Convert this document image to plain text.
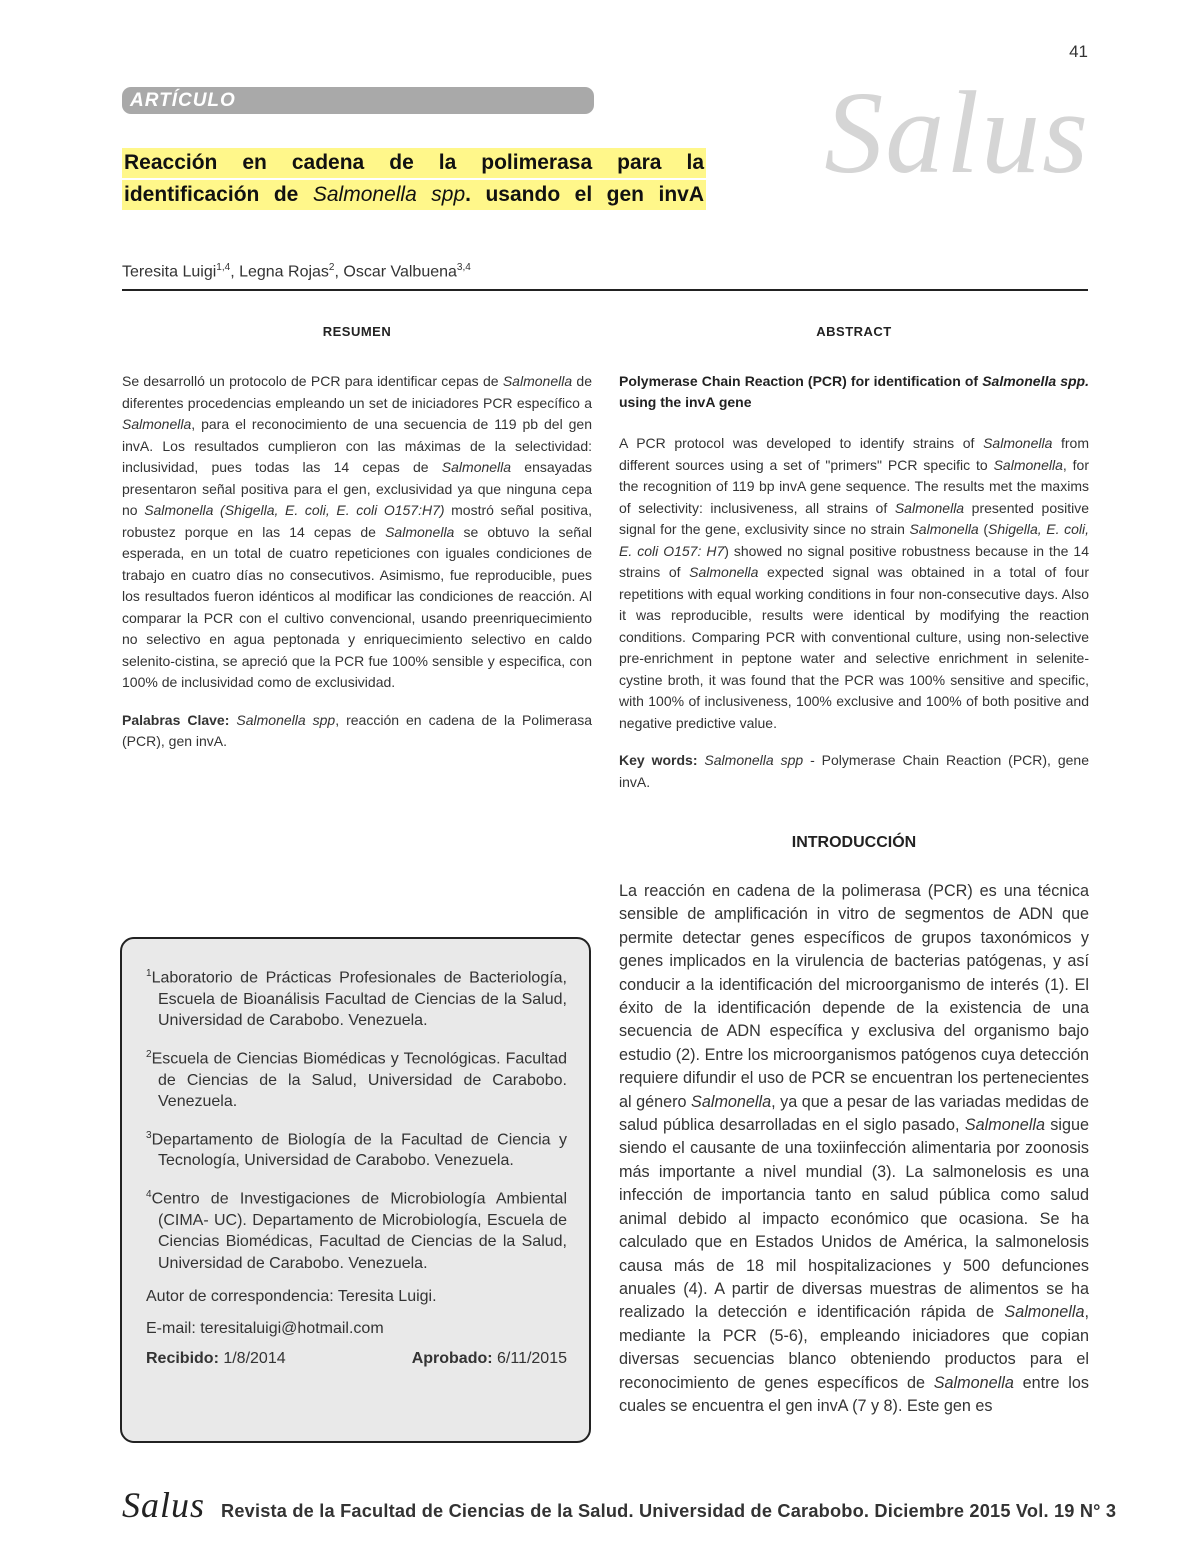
41
ARTÍCULO	Salus
Reacción en cadena de la polimerasa para la
identificación de Salmonella spp. usando el gen invA
Teresita Luigi$^{1,4}$, Legna Rojas$^2$, Oscar Valbuena$^{3,4}$
RESUMEN
Se desarrolló un protocolo de PCR para identificar cepas de Salmonella de diferentes procedencias empleando un set de iniciadores PCR específico a Salmonella, para el reconocimiento de una secuencia de 119 pb del gen invA. Los resultados cumplieron con las máximas de la selectividad: inclusividad, pues todas las 14 cepas de Salmonella ensayadas presentaron señal positiva para el gen, exclusividad ya que ninguna cepa no Salmonella (Shigella, E. coli, E. coli O157:H7) mostró señal positiva, robustez porque en las 14 cepas de Salmonella se obtuvo la señal esperada, en un total de cuatro repeticiones con iguales condiciones de trabajo en cuatro días no consecutivos. Asimismo, fue reproducible, pues los resultados fueron idénticos al modificar las condiciones de reacción. Al comparar la PCR con el cultivo convencional, usando preenriquecimiento no selectivo en agua peptonada y enriquecimiento selectivo en caldo selenito-cistina, se apreció que la PCR fue 100% sensible y especifica, con 100% de inclusividad como de exclusividad.
Palabras Clave: Salmonella spp, reacción en cadena de la Polimerasa (PCR), gen invA.
ABSTRACT
Polymerase Chain Reaction (PCR) for identification of Salmonella spp. using the invA gene
A PCR protocol was developed to identify strains of Salmonella from different sources using a set of "primers" PCR specific to Salmonella, for the recognition of 119 bp invA gene sequence. The results met the maxims of selectivity: inclusiveness, all strains of Salmonella presented positive signal for the gene, exclusivity since no strain Salmonella (Shigella, E. coli, E. coli O157: H7) showed no signal positive robustness because in the 14 strains of Salmonella expected signal was obtained in a total of four repetitions with equal working conditions in four non-consecutive days. Also it was reproducible, results were identical by modifying the reaction conditions. Comparing PCR with conventional culture, using non-selective pre-enrichment in peptone water and selective enrichment in selenite-cystine broth, it was found that the PCR was 100% sensitive and specific, with 100% of inclusiveness, 100% exclusive and 100% of both positive and negative predictive value.
Key words: Salmonella spp - Polymerase Chain Reaction (PCR), gene invA.
INTRODUCCIÓN
La reacción en cadena de la polimerasa (PCR) es una técnica sensible de amplificación in vitro de segmentos de ADN que permite detectar genes específicos de grupos taxonómicos y genes implicados en la virulencia de bacterias patógenas, y así conducir a la identificación del microorganismo de interés (1). El éxito de la identificación depende de la existencia de una secuencia de ADN específica y exclusiva del organismo bajo estudio (2). Entre los microorganismos patógenos cuya detección requiere difundir el uso de PCR se encuentran los pertenecientes al género Salmonella, ya que a pesar de las variadas medidas de salud pública desarrolladas en el siglo pasado, Salmonella sigue siendo el causante de una toxiinfección alimentaria por zoonosis más importante a nivel mundial (3). La salmonelosis es una infección de importancia tanto en salud pública como salud animal debido al impacto económico que ocasiona. Se ha calculado que en Estados Unidos de América, la salmonelosis causa más de 18 mil hospitalizaciones y 500 defunciones anuales (4). A partir de diversas muestras de alimentos se ha realizado la detección e identificación rápida de Salmonella, mediante la PCR (5-6), empleando iniciadores que copian diversas secuencias blanco obteniendo productos para el reconocimiento de genes específicos de Salmonella entre los cuales se encuentra el gen invA (7 y 8). Este gen es
$^1$Laboratorio de Prácticas Profesionales de Bacteriología, Escuela de Bioanálisis Facultad de Ciencias de la Salud, Universidad de Carabobo. Venezuela.
$^2$Escuela de Ciencias Biomédicas y Tecnológicas. Facultad de Ciencias de la Salud, Universidad de Carabobo. Venezuela.
$^3$Departamento de Biología de la Facultad de Ciencia y Tecnología, Universidad de Carabobo. Venezuela.
$^4$Centro de Investigaciones de Microbiología Ambiental (CIMA- UC). Departamento de Microbiología, Escuela de Ciencias Biomédicas, Facultad de Ciencias de la Salud, Universidad de Carabobo. Venezuela.
Autor de correspondencia: Teresita Luigi.
E-mail: teresitaluigi@hotmail.com
Recibido: 1/8/2014	Aprobado: 6/11/2015
Salus Revista de la Facultad de Ciencias de la Salud. Universidad de Carabobo. Diciembre 2015 Vol. 19 N° 3
